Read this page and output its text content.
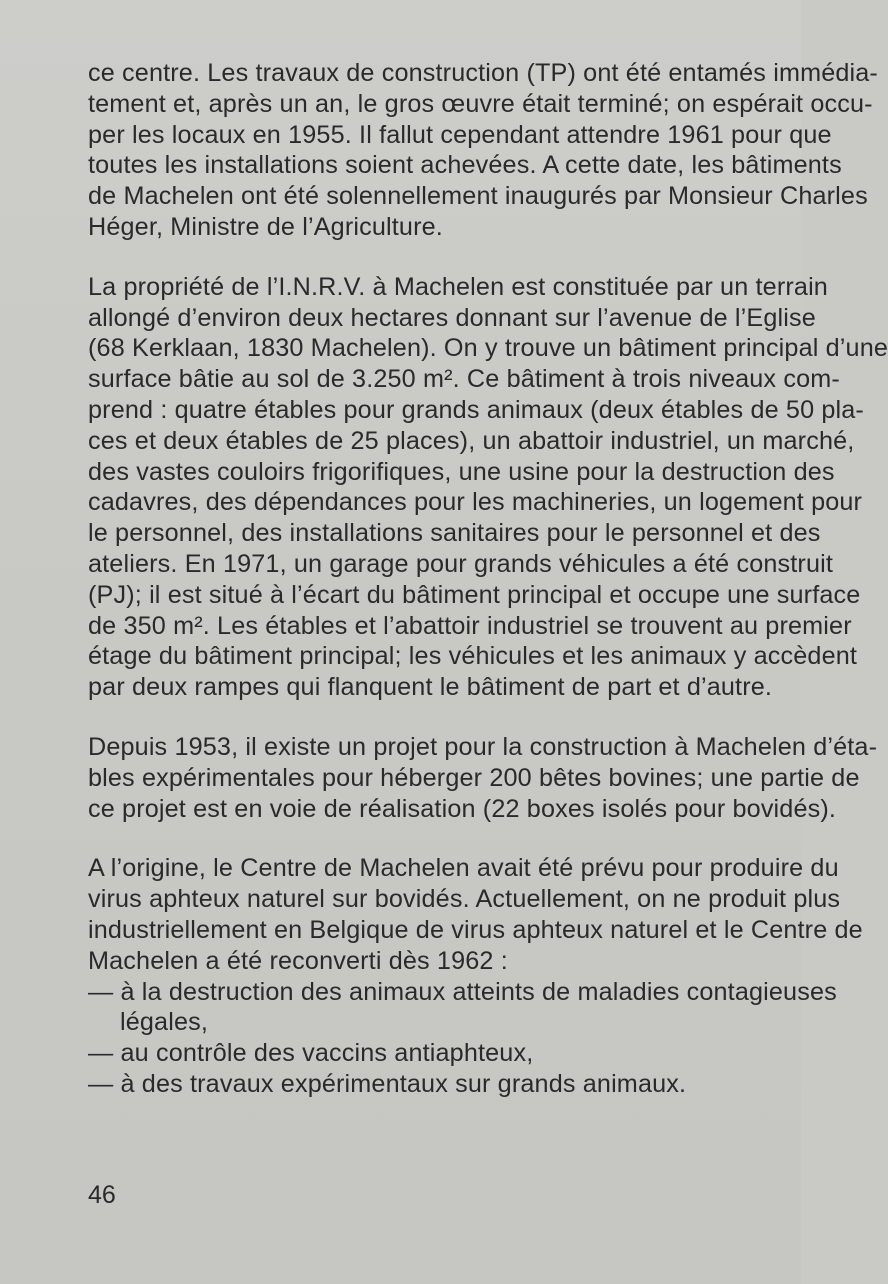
ce centre. Les travaux de construction (TP) ont été entamés immédia-
tement et, après un an, le gros œuvre était terminé; on espérait occu-
per les locaux en 1955. Il fallut cependant attendre 1961 pour que
toutes les installations soient achevées. A cette date, les bâtiments
de Machelen ont été solennellement inaugurés par Monsieur Charles
Héger, Ministre de l’Agriculture.
La propriété de l’I.N.R.V. à Machelen est constituée par un terrain
allongé d’environ deux hectares donnant sur l’avenue de l’Eglise
(68 Kerklaan, 1830 Machelen). On y trouve un bâtiment principal d’une
surface bâtie au sol de 3.250 m². Ce bâtiment à trois niveaux com-
prend : quatre étables pour grands animaux (deux étables de 50 pla-
ces et deux étables de 25 places), un abattoir industriel, un marché,
des vastes couloirs frigorifiques, une usine pour la destruction des
cadavres, des dépendances pour les machineries, un logement pour
le personnel, des installations sanitaires pour le personnel et des
ateliers. En 1971, un garage pour grands véhicules a été construit
(PJ); il est situé à l’écart du bâtiment principal et occupe une surface
de 350 m². Les étables et l’abattoir industriel se trouvent au premier
étage du bâtiment principal; les véhicules et les animaux y accèdent
par deux rampes qui flanquent le bâtiment de part et d’autre.
Depuis 1953, il existe un projet pour la construction à Machelen d’éta-
bles expérimentales pour héberger 200 bêtes bovines; une partie de
ce projet est en voie de réalisation (22 boxes isolés pour bovidés).
A l’origine, le Centre de Machelen avait été prévu pour produire du
virus aphteux naturel sur bovidés. Actuellement, on ne produit plus
industriellement en Belgique de virus aphteux naturel et le Centre de
Machelen a été reconverti dès 1962 :
— à la destruction des animaux atteints de maladies contagieuses
légales,
— au contrôle des vaccins antiaphteux,
— à des travaux expérimentaux sur grands animaux.
46
